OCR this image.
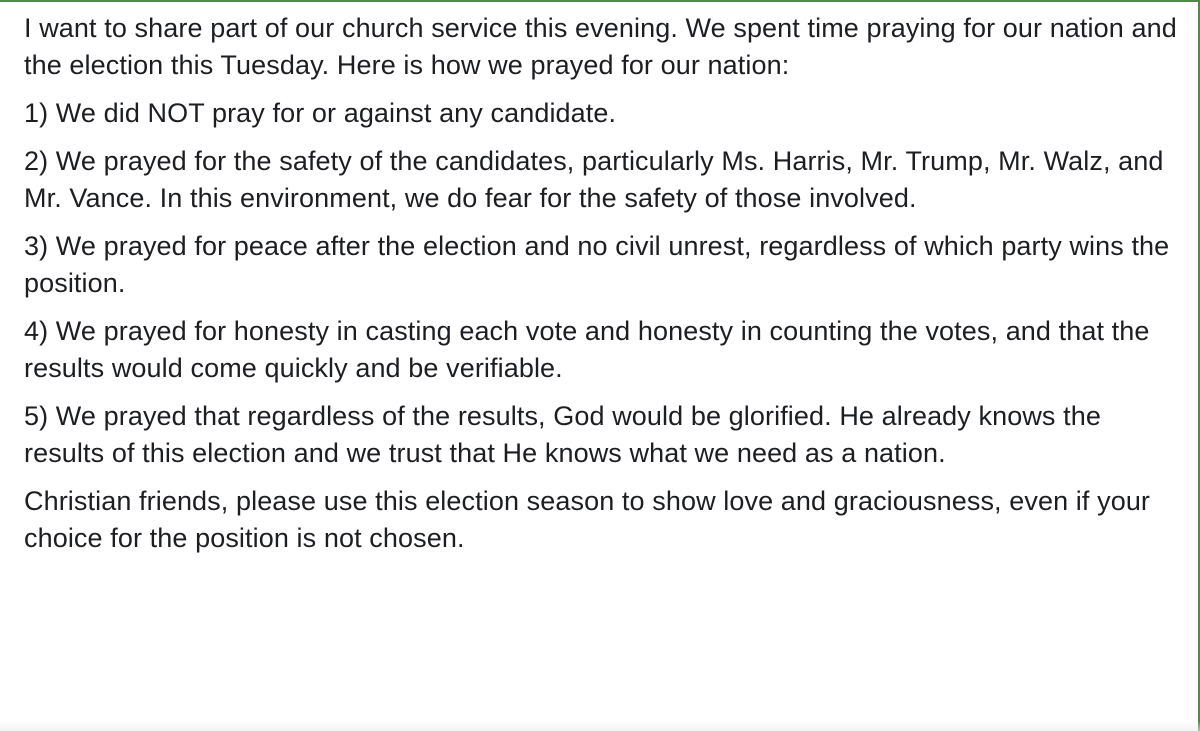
I want to share part of our church service this evening. We spent time praying for our nation and the election this Tuesday. Here is how we prayed for our nation:

1) We did NOT pray for or against any candidate.

2) We prayed for the safety of the candidates, particularly Ms. Harris, Mr. Trump, Mr. Walz, and Mr. Vance. In this environment, we do fear for the safety of those involved.

3) We prayed for peace after the election and no civil unrest, regardless of which party wins the position.

4) We prayed for honesty in casting each vote and honesty in counting the votes, and that the results would come quickly and be verifiable.

5) We prayed that regardless of the results, God would be glorified. He already knows the results of this election and we trust that He knows what we need as a nation.

Christian friends, please use this election season to show love and graciousness, even if your choice for the position is not chosen.
